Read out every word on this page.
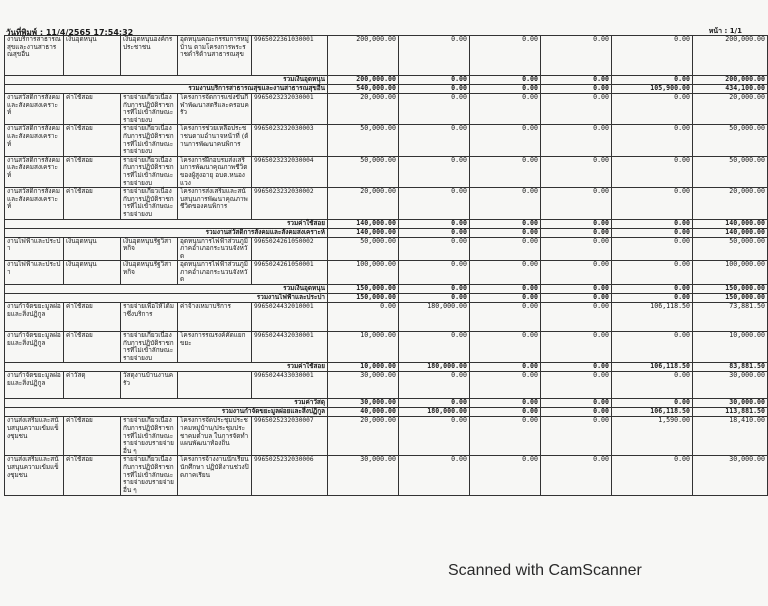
วันที่พิมพ์ : 11/4/2565 17:54:32	หน้า : 1/1
งานบริการสาธารณสุขและงานสาธารณสุขอื่น	เงินอุดหนุน	เงินอุดหนุนองค์กรประชาชน	อุดหนุนคณะกรรมการหมู่บ้าน ตามโครงการพระราชดำริด้านสาธารณสุข	9965022361030001	200,000.00	0.00	0.00	0.00	0.00	200,000.00
รวมเงินอุดหนุน					200,000.00	0.00	0.00	0.00	0.00	200,000.00
รวมงานบริการสาธารณสุขและงานสาธารณสุขอื่น					540,000.00	0.00	0.00	0.00	105,900.00	434,100.00
งานสวัสดิการสังคมและสังคมสงเคราะห์	ค่าใช้สอย	รายจ่ายเกี่ยวเนื่องกับการปฏิบัติราชการที่ไม่เข้าลักษณะรายจ่ายงบ	โครงการจัดการแข่งขันกีฬาพัฒนาสตรีและครอบครัว	9965023232030001	20,000.00	0.00	0.00	0.00	0.00	20,000.00
งานสวัสดิการสังคมและสังคมสงเคราะห์	ค่าใช้สอย	รายจ่ายเกี่ยวเนื่องกับการปฏิบัติราชการที่ไม่เข้าลักษณะรายจ่ายงบ	โครงการช่วยเหลือประชาชนตามอำนาจหน้าที่ (ด้านการพัฒนาคนพิการ	9965023232030003	50,000.00	0.00	0.00	0.00	0.00	50,000.00
งานสวัสดิการสังคมและสังคมสงเคราะห์	ค่าใช้สอย	รายจ่ายเกี่ยวเนื่องกับการปฏิบัติราชการที่ไม่เข้าลักษณะรายจ่ายงบ	โครงการฝึกอบรมส่งเสริมการพัฒนาคุณภาพชีวิตของผู้สูงอายุ อบต.หนองแวง	9965023232030004	50,000.00	0.00	0.00	0.00	0.00	50,000.00
งานสวัสดิการสังคมและสังคมสงเคราะห์	ค่าใช้สอย	รายจ่ายเกี่ยวเนื่องกับการปฏิบัติราชการที่ไม่เข้าลักษณะรายจ่ายงบ	โครงการส่งเสริมและสนับสนุนการพัฒนาคุณภาพชีวิตของคนพิการ	9965023232030002	20,000.00	0.00	0.00	0.00	0.00	20,000.00
รวมค่าใช้สอย					140,000.00	0.00	0.00	0.00	0.00	140,000.00
รวมงานสวัสดิการสังคมและสังคมสงเคราะห์					140,000.00	0.00	0.00	0.00	0.00	140,000.00
งานไฟฟ้าและประปา	เงินอุดหนุน	เงินอุดหนุนรัฐวิสาหกิจ	อุดหนุนการไฟฟ้าส่วนภูมิภาคอำเภอกระนวนจังหวัด	9965024261050002	50,000.00	0.00	0.00	0.00	0.00	50,000.00
งานไฟฟ้าและประปา	เงินอุดหนุน	เงินอุดหนุนรัฐวิสาหกิจ	อุดหนุนการไฟฟ้าส่วนภูมิภาคอำเภอกระนวนจังหวัด	9965024261050001	100,000.00	0.00	0.00	0.00	0.00	100,000.00
รวมเงินอุดหนุน					150,000.00	0.00	0.00	0.00	0.00	150,000.00
รวมงานไฟฟ้าและประปา					150,000.00	0.00	0.00	0.00	0.00	150,000.00
งานกำจัดขยะมูลฝอยและสิ่งปฏิกูล	ค่าใช้สอย	รายจ่ายเพื่อให้ได้มาซึ่งบริการ	ค่าจ้างเหมาบริการ	9965024432010001	0.00	180,000.00	0.00	0.00	106,118.50	73,881.50
งานกำจัดขยะมูลฝอยและสิ่งปฏิกูล	ค่าใช้สอย	รายจ่ายเกี่ยวเนื่องกับการปฏิบัติราชการที่ไม่เข้าลักษณะรายจ่ายงบ	โครงการรณรงค์คัดแยกขยะ	9965024432030001	10,000.00	0.00	0.00	0.00	0.00	10,000.00
รวมค่าใช้สอย					10,000.00	180,000.00	0.00	0.00	106,118.50	83,881.50
งานกำจัดขยะมูลฝอยและสิ่งปฏิกูล	ค่าวัสดุ	วัสดุงานบ้านงานครัว		9965024433030001	30,000.00	0.00	0.00	0.00	0.00	30,000.00
รวมค่าวัสดุ					30,000.00	0.00	0.00	0.00	0.00	30,000.00
รวมงานกำจัดขยะมูลฝอยและสิ่งปฏิกูล					40,000.00	180,000.00	0.00	0.00	106,118.50	113,881.50
งานส่งเสริมและสนับสนุนความเข้มแข็งชุมชน	ค่าใช้สอย	รายจ่ายเกี่ยวเนื่องกับการปฏิบัติราชการที่ไม่เข้าลักษณะรายจ่ายงบรายจ่ายอื่น ๆ	โครงการจัดประชุมประชาคมหมู่บ้าน/ประชุมประชาคมตำบล ในการจัดทำแผนพัฒนาท้องถิ่น	9965025232030007	20,000.00	0.00	0.00	0.00	1,590.00	18,410.00
งานส่งเสริมและสนับสนุนความเข้มแข็งชุมชน	ค่าใช้สอย	รายจ่ายเกี่ยวเนื่องกับการปฏิบัติราชการที่ไม่เข้าลักษณะรายจ่ายงบรายจ่ายอื่น ๆ	โครงการจ้างงานนักเรียน นักศึกษา ปฏิบัติงานช่วงปิดภาคเรียน	9965025232030006	30,000.00	0.00	0.00	0.00	0.00	30,000.00
Scanned with CamScanner
